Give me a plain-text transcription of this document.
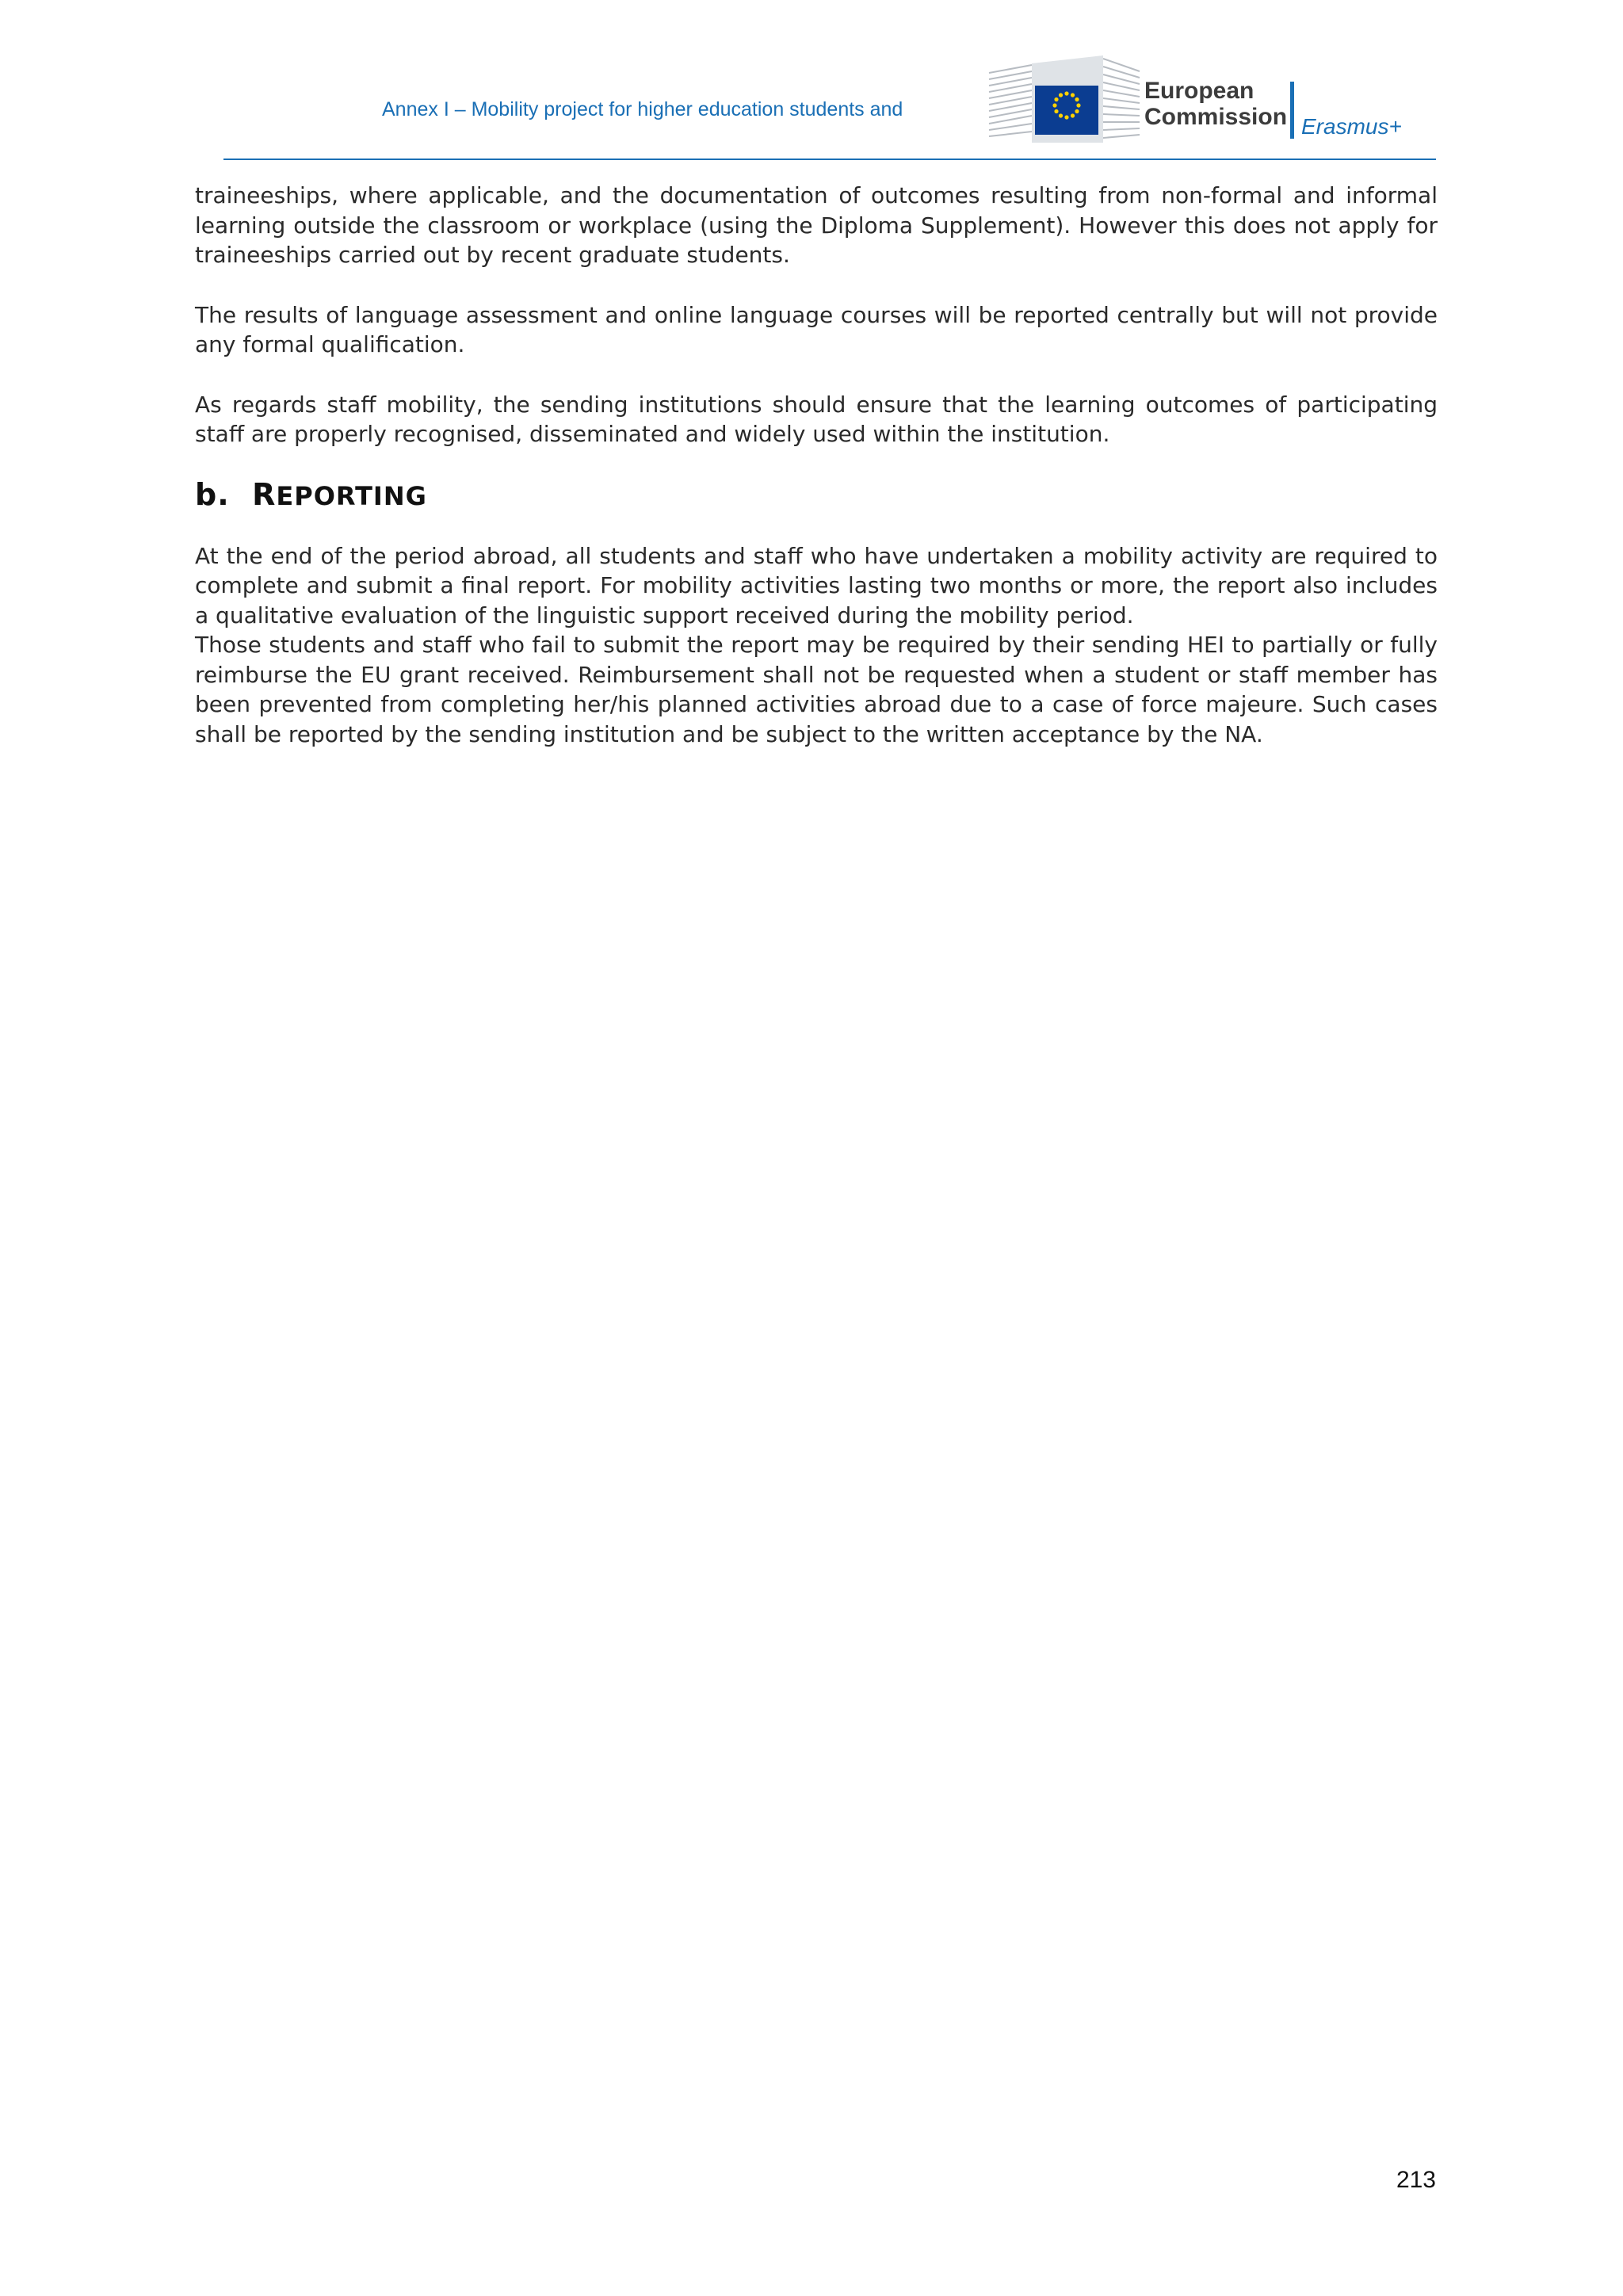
Annex I – Mobility project for higher education students and
European
Commission Erasmus+

traineeships, where applicable, and the documentation of outcomes resulting from non-formal and informal learning outside the classroom or workplace (using the Diploma Supplement). However this does not apply for traineeships carried out by recent graduate students.

The results of language assessment and online language courses will be reported centrally but will not provide any formal qualification.

As regards staff mobility, the sending institutions should ensure that the learning outcomes of participating staff are properly recognised, disseminated and widely used within the institution.

b. REPORTING

At the end of the period abroad, all students and staff who have undertaken a mobility activity are required to complete and submit a final report. For mobility activities lasting two months or more, the report also includes a qualitative evaluation of the linguistic support received during the mobility period.

Those students and staff who fail to submit the report may be required by their sending HEI to partially or fully reimburse the EU grant received. Reimbursement shall not be requested when a student or staff member has been prevented from completing her/his planned activities abroad due to a case of force majeure. Such cases shall be reported by the sending institution and be subject to the written acceptance by the NA.

213
